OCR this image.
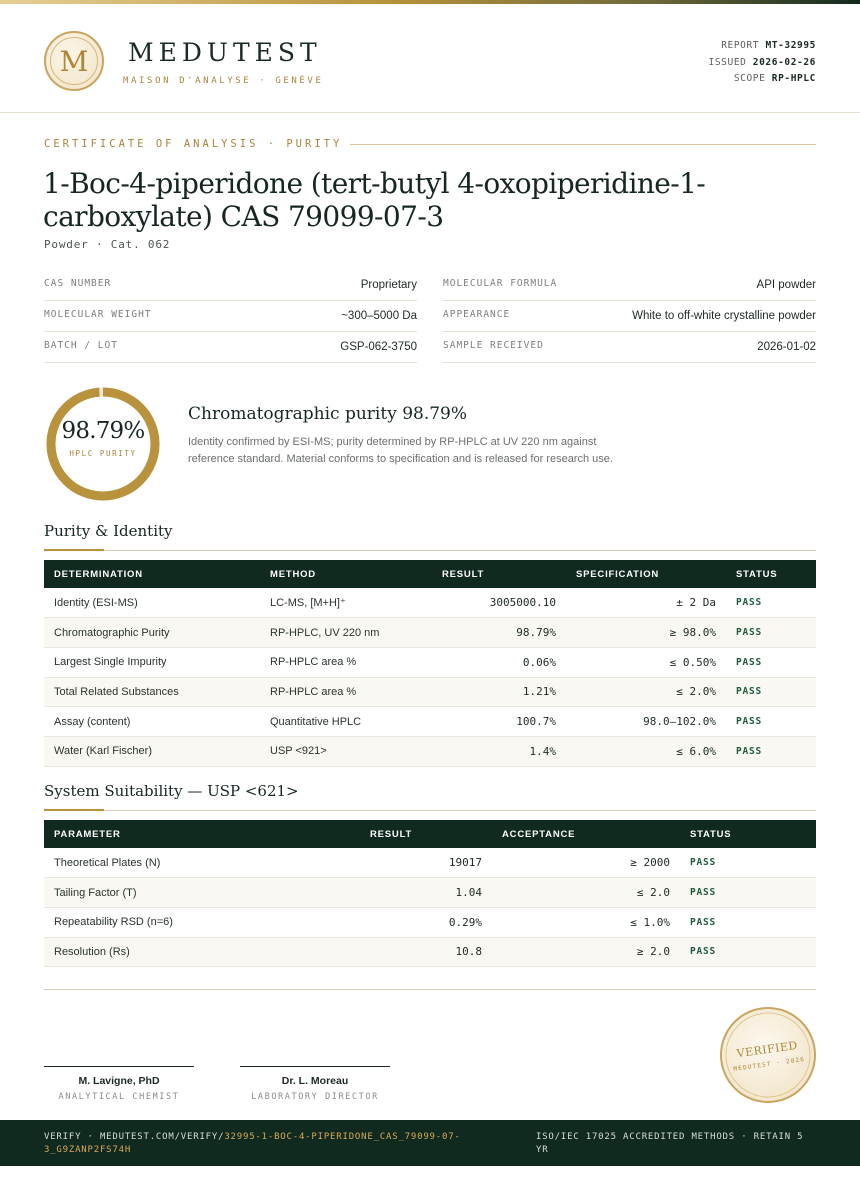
M	MEDUTEST
MAISON D'ANALYSE · GENÈVE
REPORT MT-32995
ISSUED 2026-02-26
SCOPE RP-HPLC
CERTIFICATE OF ANALYSIS · PURITY
1-Boc-4-piperidone (tert-butyl 4-oxopiperidine-1-carboxylate) CAS 79099-07-3
Powder · Cat. 062
CAS NUMBER	Proprietary
MOLECULAR WEIGHT	~300–5000 Da
BATCH / LOT	GSP-062-3750
MOLECULAR FORMULA	API powder
APPEARANCE	White to off-white crystalline powder
SAMPLE RECEIVED	2026-01-02
98.79%
HPLC PURITY
Chromatographic purity 98.79%
Identity confirmed by ESI-MS; purity determined by RP-HPLC at UV 220 nm against reference standard. Material conforms to specification and is released for research use.
Purity & Identity
DETERMINATION	METHOD	RESULT	SPECIFICATION	STATUS
Identity (ESI-MS)	LC-MS, [M+H]⁺	3005000.10	± 2 Da	PASS
Chromatographic Purity	RP-HPLC, UV 220 nm	98.79%	≥ 98.0%	PASS
Largest Single Impurity	RP-HPLC area %	0.06%	≤ 0.50%	PASS
Total Related Substances	RP-HPLC area %	1.21%	≤ 2.0%	PASS
Assay (content)	Quantitative HPLC	100.7%	98.0–102.0%	PASS
Water (Karl Fischer)	USP <921>	1.4%	≤ 6.0%	PASS
System Suitability — USP <621>
PARAMETER	RESULT	ACCEPTANCE	STATUS
Theoretical Plates (N)	19017	≥ 2000	PASS
Tailing Factor (T)	1.04	≤ 2.0	PASS
Repeatability RSD (n=6)	0.29%	≤ 1.0%	PASS
Resolution (Rs)	10.8	≥ 2.0	PASS
M. Lavigne, PhD
ANALYTICAL CHEMIST
Dr. L. Moreau
LABORATORY DIRECTOR
VERIFIED
MEDUTEST · 2026
VERIFY · MEDUTEST.COM/VERIFY/32995-1-BOC-4-PIPERIDONE_CAS_79099-07-3_G9ZANP2FS74H
ISO/IEC 17025 ACCREDITED METHODS · RETAIN 5 YR
